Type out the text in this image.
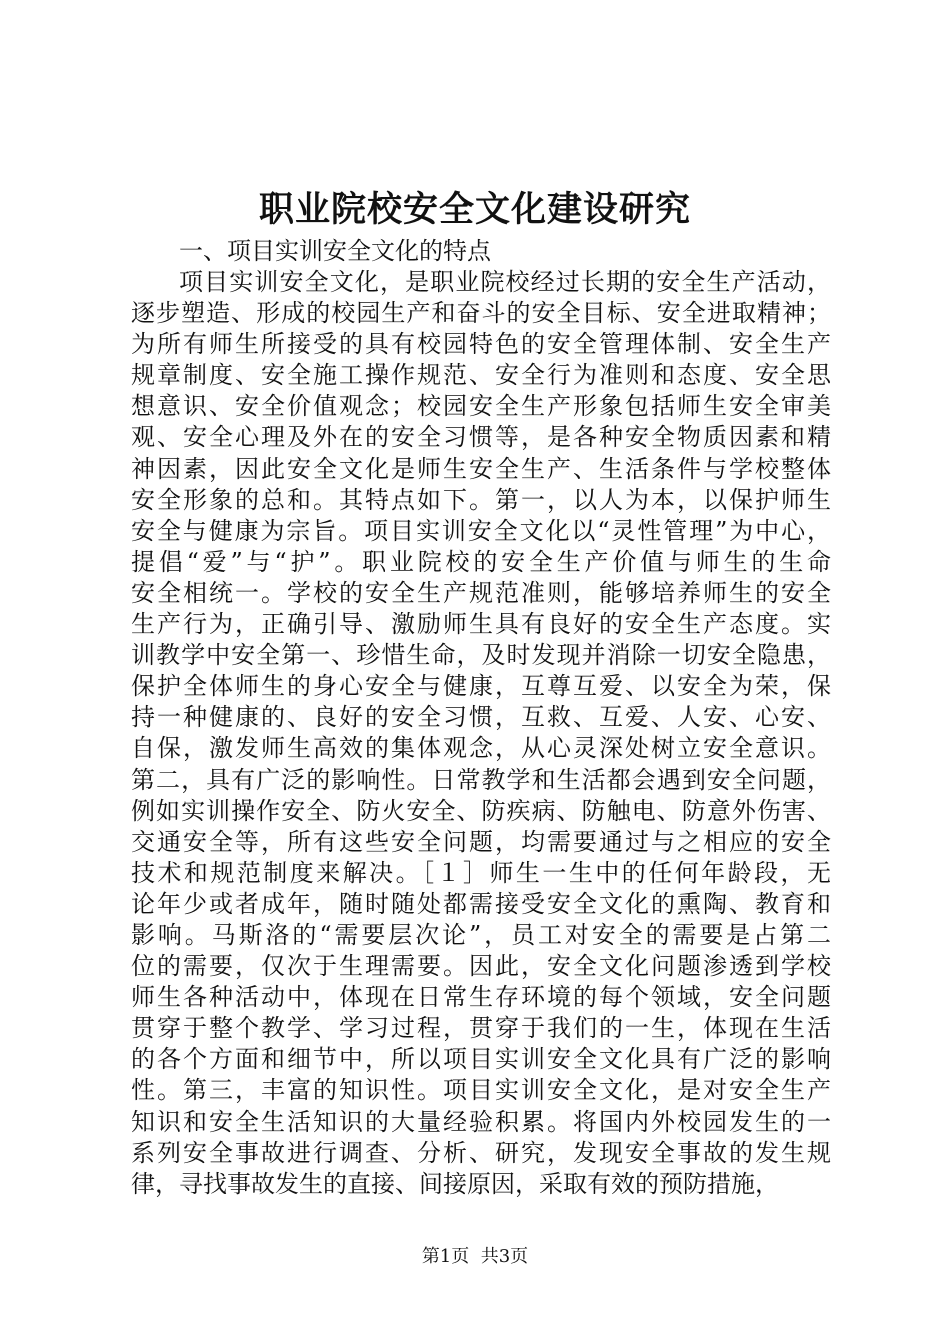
职业院校安全文化建设研究

一、项目实训安全文化的特点

项目实训安全文化，是职业院校经过长期的安全生产活动，

逐步塑造、形成的校园生产和奋斗的安全目标、安全进取精神；

为所有师生所接受的具有校园特色的安全管理体制、安全生产

规章制度、安全施工操作规范、安全行为准则和态度、安全思

想意识、安全价值观念；校园安全生产形象包括师生安全审美

观、安全心理及外在的安全习惯等，是各种安全物质因素和精

神因素，因此安全文化是师生安全生产、生活条件与学校整体

安全形象的总和。其特点如下。第一，以人为本，以保护师生

安全与健康为宗旨。项目实训安全文化以“灵性管理”为中心，

提倡“爱”与“护”。职业院校的安全生产价值与师生的生命

安全相统一。学校的安全生产规范准则，能够培养师生的安全

生产行为，正确引导、激励师生具有良好的安全生产态度。实

训教学中安全第一、珍惜生命，及时发现并消除一切安全隐患，

保护全体师生的身心安全与健康，互尊互爱、以安全为荣，保

持一种健康的、良好的安全习惯，互救、互爱、人安、心安、

自保，激发师生高效的集体观念，从心灵深处树立安全意识。

第二，具有广泛的影响性。日常教学和生活都会遇到安全问题，

例如实训操作安全、防火安全、防疾病、防触电、防意外伤害、

交通安全等，所有这些安全问题，均需要通过与之相应的安全

技术和规范制度来解决。［１］师生一生中的任何年龄段，无

论年少或者成年，随时随处都需接受安全文化的熏陶、教育和

影响。马斯洛的“需要层次论”，员工对安全的需要是占第二

位的需要，仅次于生理需要。因此，安全文化问题渗透到学校

师生各种活动中，体现在日常生存环境的每个领域，安全问题

贯穿于整个教学、学习过程，贯穿于我们的一生，体现在生活

的各个方面和细节中，所以项目实训安全文化具有广泛的影响

性。第三，丰富的知识性。项目实训安全文化，是对安全生产

知识和安全生活知识的大量经验积累。将国内外校园发生的一

系列安全事故进行调查、分析、研究，发现安全事故的发生规

律，寻找事故发生的直接、间接原因，采取有效的预防措施，

第1页  共3页
